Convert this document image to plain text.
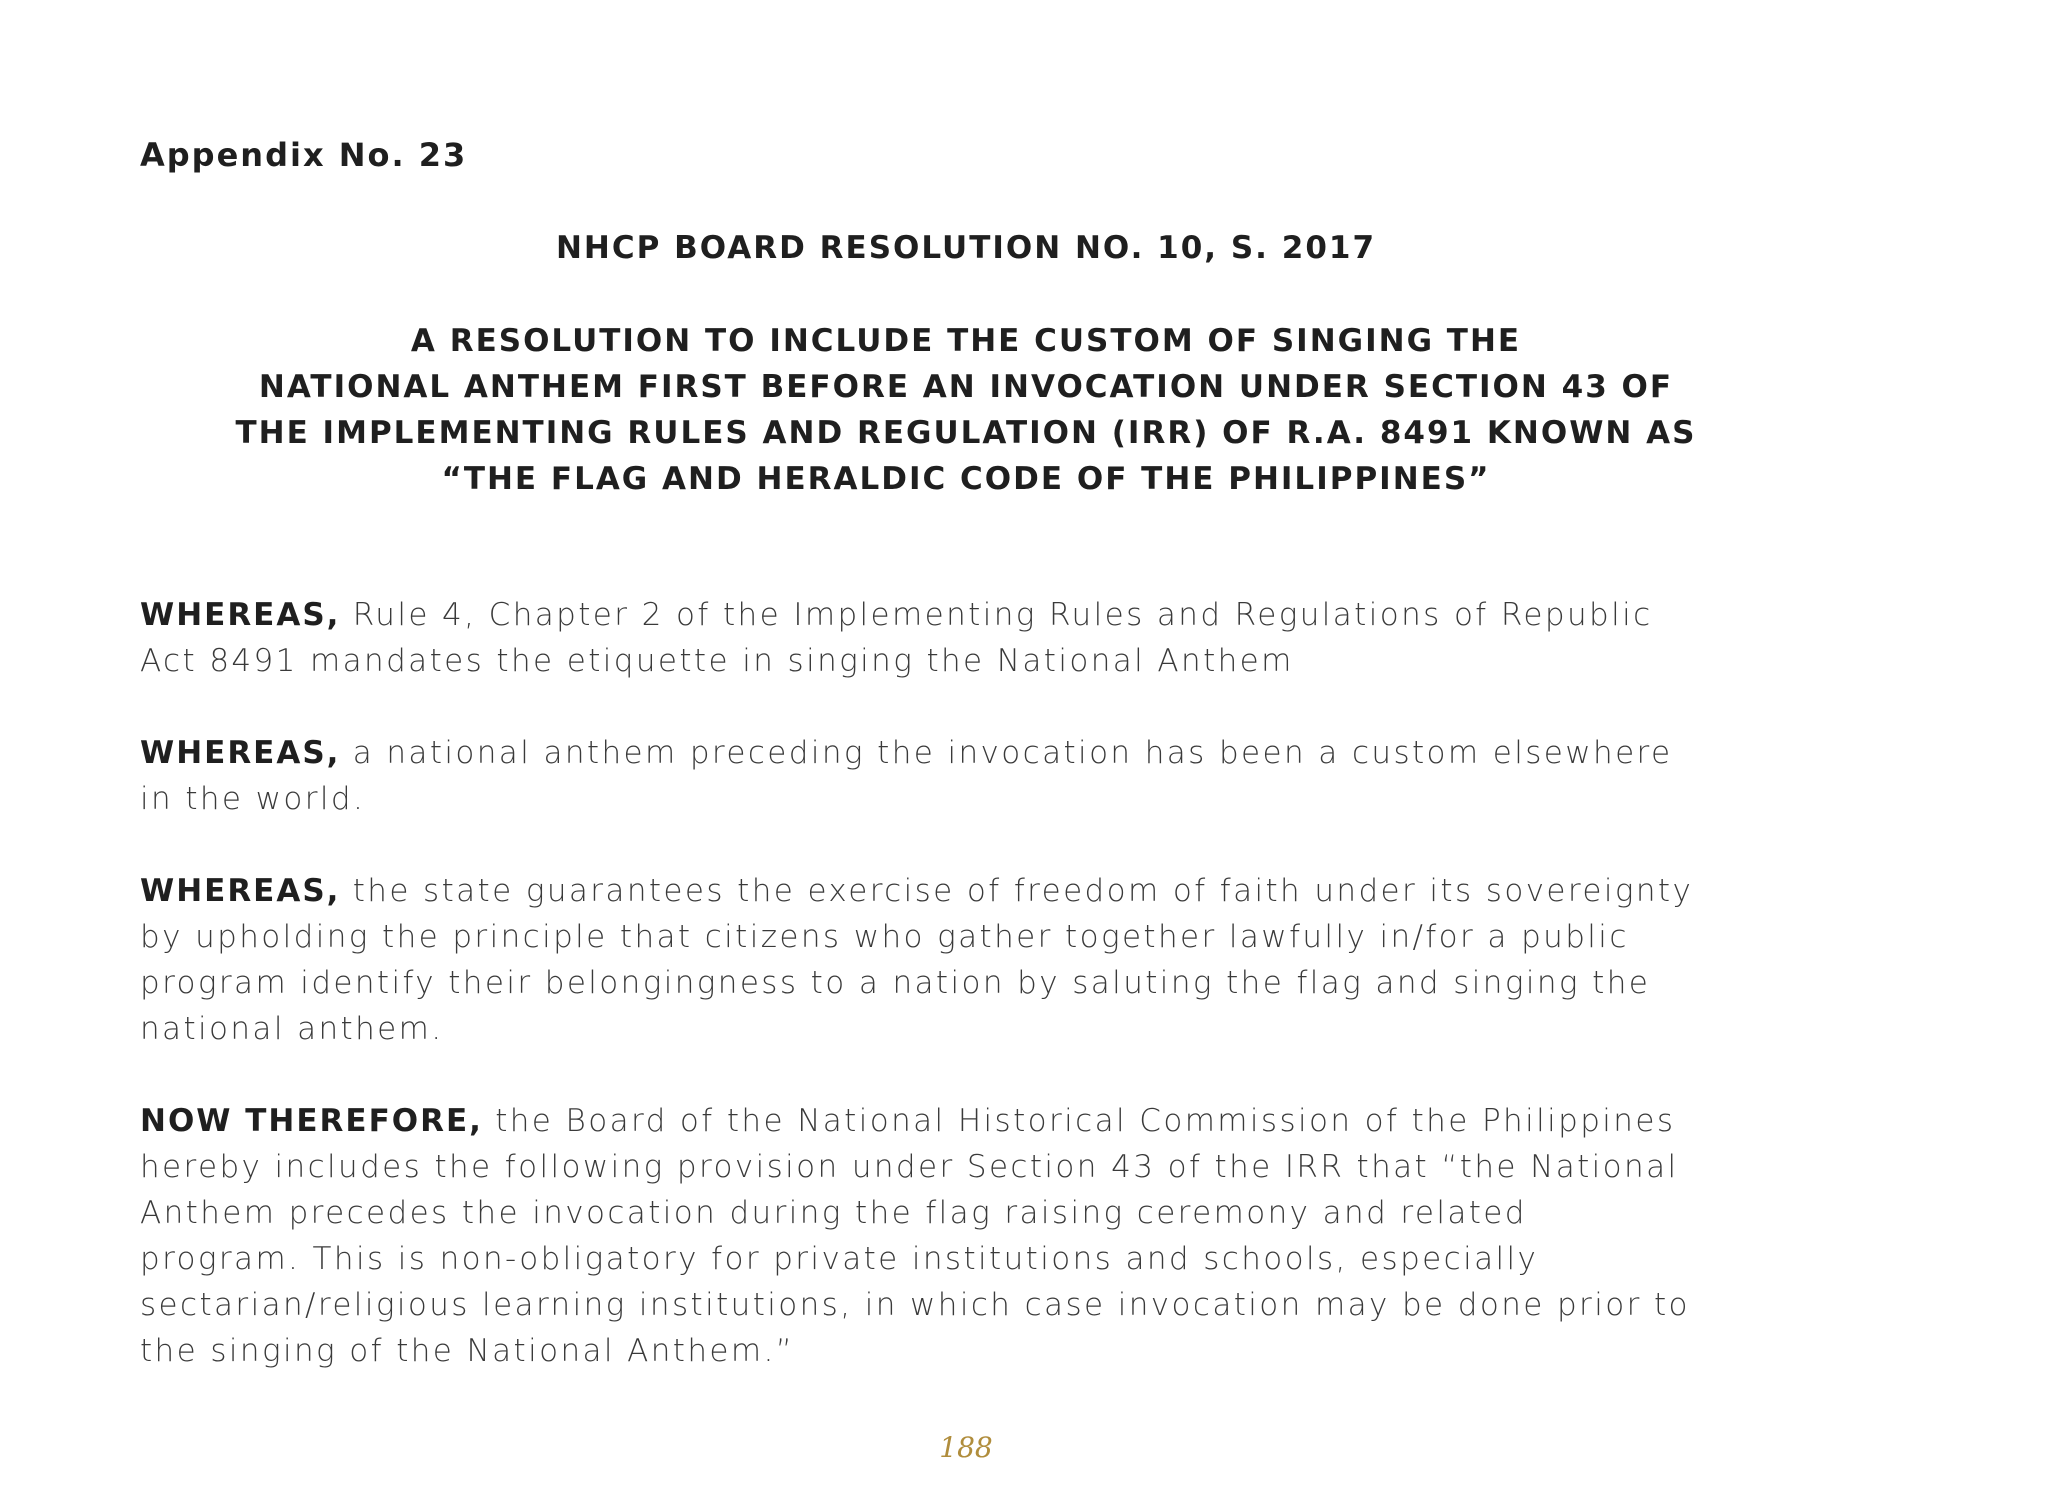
Appendix No. 23
NHCP BOARD RESOLUTION NO. 10, S. 2017
A RESOLUTION TO INCLUDE THE CUSTOM OF SINGING THE
NATIONAL ANTHEM FIRST BEFORE AN INVOCATION UNDER SECTION 43 OF
THE IMPLEMENTING RULES AND REGULATION (IRR) OF R.A. 8491 KNOWN AS
“THE FLAG AND HERALDIC CODE OF THE PHILIPPINES”
WHEREAS, Rule 4, Chapter 2 of the Implementing Rules and Regulations of Republic
Act 8491 mandates the etiquette in singing the National Anthem
WHEREAS, a national anthem preceding the invocation has been a custom elsewhere
in the world.
WHEREAS, the state guarantees the exercise of freedom of faith under its sovereignty
by upholding the principle that citizens who gather together lawfully in/for a public
program identify their belongingness to a nation by saluting the flag and singing the
national anthem.
NOW THEREFORE, the Board of the National Historical Commission of the Philippines
hereby includes the following provision under Section 43 of the IRR that “the National
Anthem precedes the invocation during the flag raising ceremony and related
program. This is non-obligatory for private institutions and schools, especially
sectarian/religious learning institutions, in which case invocation may be done prior to
the singing of the National Anthem.”
188
